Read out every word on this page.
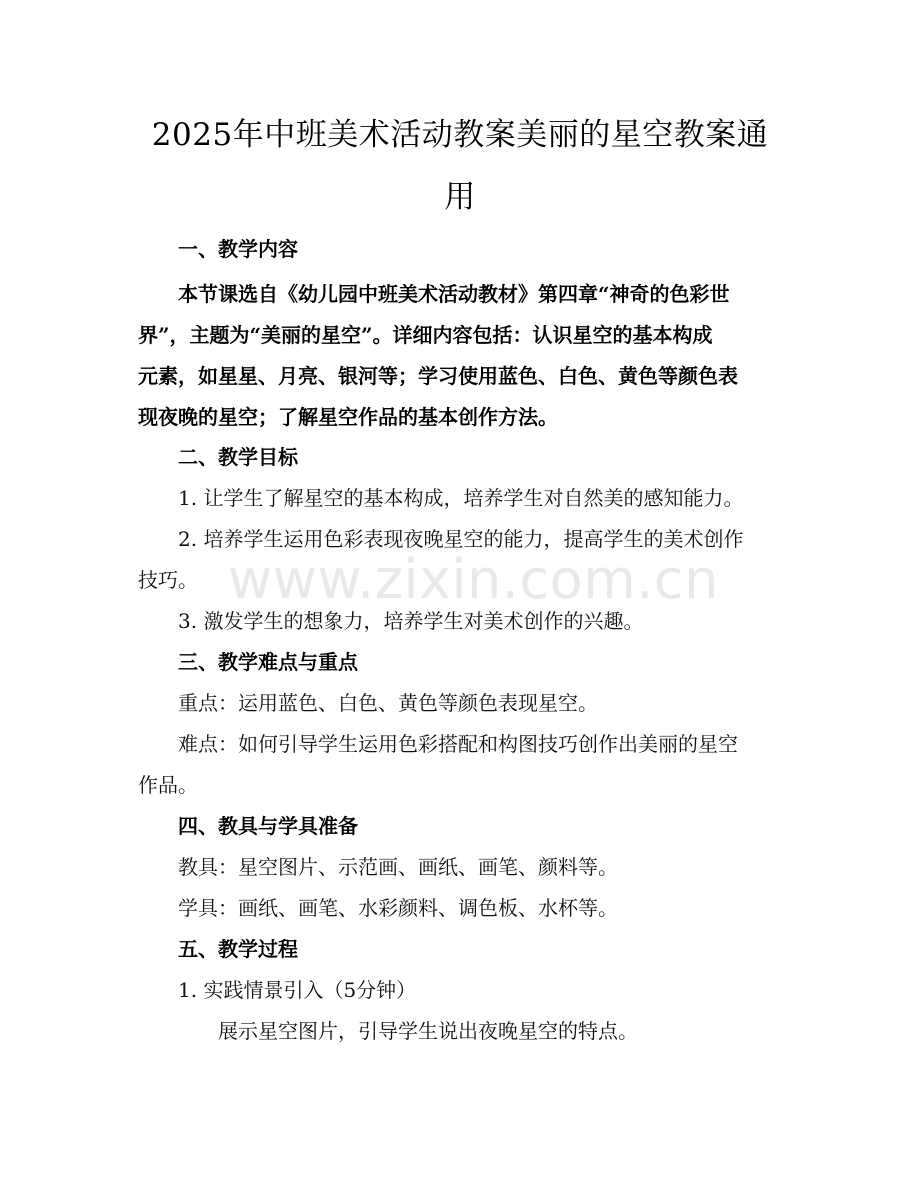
2025年中班美术活动教案美丽的星空教案通
用
www.zixin.com.cn
一、教学内容
本节课选自《幼儿园中班美术活动教材》第四章“神奇的色彩世
界”，主题为“美丽的星空”。详细内容包括：认识星空的基本构成
元素，如星星、月亮、银河等；学习使用蓝色、白色、黄色等颜色表
现夜晚的星空；了解星空作品的基本创作方法。
二、教学目标
1. 让学生了解星空的基本构成，培养学生对自然美的感知能力。
2. 培养学生运用色彩表现夜晚星空的能力，提高学生的美术创作
技巧。
3. 激发学生的想象力，培养学生对美术创作的兴趣。
三、教学难点与重点
重点：运用蓝色、白色、黄色等颜色表现星空。
难点：如何引导学生运用色彩搭配和构图技巧创作出美丽的星空
作品。
四、教具与学具准备
教具：星空图片、示范画、画纸、画笔、颜料等。
学具：画纸、画笔、水彩颜料、调色板、水杯等。
五、教学过程
1. 实践情景引入（5分钟）
展示星空图片，引导学生说出夜晚星空的特点。
